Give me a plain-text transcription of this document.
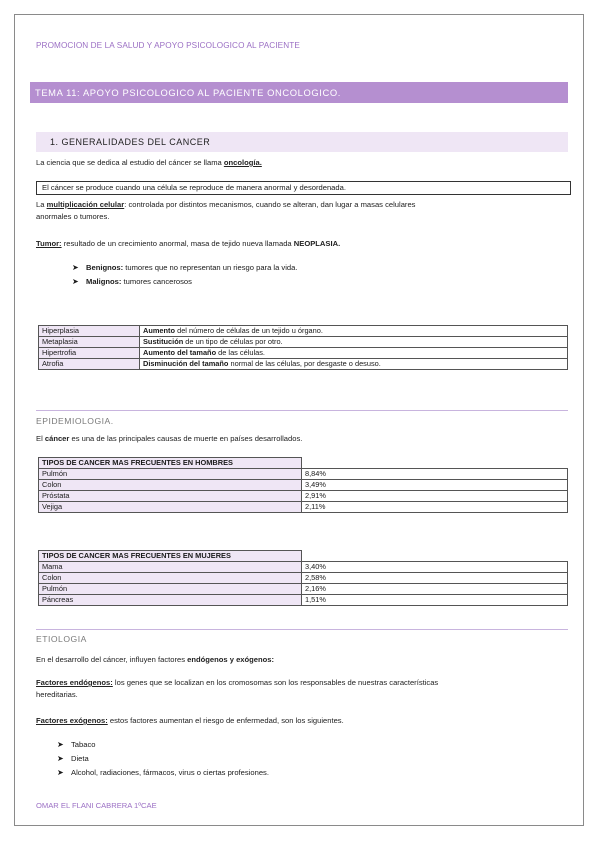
PROMOCION DE LA SALUD Y APOYO PSICOLOGICO AL PACIENTE
TEMA 11: APOYO PSICOLOGICO AL PACIENTE ONCOLOGICO.
1. GENERALIDADES DEL CANCER
La ciencia que se dedica al estudio del cáncer se llama oncología.
El cáncer se produce cuando una célula se reproduce de manera anormal y desordenada.
La multiplicación celular: controlada por distintos mecanismos, cuando se alteran, dan lugar a masas celulares
anormales o tumores.
Tumor: resultado de un crecimiento anormal, masa de tejido nueva llamada NEOPLASIA.
➤ Benignos: tumores que no representan un riesgo para la vida.
➤ Malignos: tumores cancerosos
Hiperplasia	Aumento del número de células de un tejido u órgano.
Metaplasia	Sustitución de un tipo de células por otro.
Hipertrofia	Aumento del tamaño de las células.
Atrofia	Disminución del tamaño normal de las células, por desgaste o desuso.
EPIDEMIOLOGIA.
El cáncer es una de las principales causas de muerte en países desarrollados.
TIPOS DE CANCER MAS FRECUENTES EN HOMBRES	
Pulmón	8,84%
Colon	3,49%
Próstata	2,91%
Vejiga	2,11%
TIPOS DE CANCER MAS FRECUENTES EN MUJERES	
Mama	3,40%
Colon	2,58%
Pulmón	2,16%
Páncreas	1,51%
ETIOLOGIA
En el desarrollo del cáncer, influyen factores endógenos y exógenos:
Factores endógenos: los genes que se localizan en los cromosomas son los responsables de nuestras características
hereditarias.
Factores exógenos: estos factores aumentan el riesgo de enfermedad, son los siguientes.
➤ Tabaco
➤ Dieta
➤ Alcohol, radiaciones, fármacos, virus o ciertas profesiones.
OMAR EL FLANI CABRERA 1ºCAE
